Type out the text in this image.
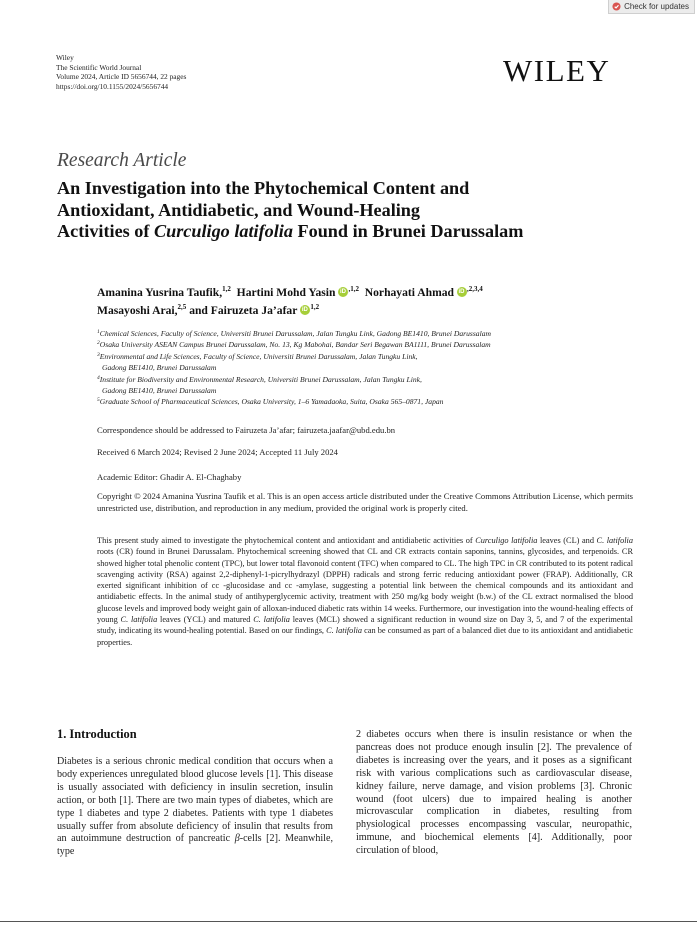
Check for updates
Wiley
The Scientific World Journal
Volume 2024, Article ID 5656744, 22 pages
https://doi.org/10.1155/2024/5656744	WILEY
Research Article
An Investigation into the Phytochemical Content and
Antioxidant, Antidiabetic, and Wound-Healing
Activities of Curculigo latifolia Found in Brunei Darussalam
Amanina Yusrina Taufik,$^{1,2}$ Hartini Mohd Yasin iD $^{,1,2}$ Norhayati Ahmad iD $^{,2,3,4}$
Masayoshi Arai,$^{2,5}$ and Fairuzeta Ja’afar iD $^{1,2}$
$^1$Chemical Sciences, Faculty of Science, Universiti Brunei Darussalam, Jalan Tungku Link, Gadong BE1410, Brunei Darussalam
$^2$Osaka University ASEAN Campus Brunei Darussalam, No. 13, Kg Mabohai, Bandar Seri Begawan BA1111, Brunei Darussalam
$^3$Environmental and Life Sciences, Faculty of Science, Universiti Brunei Darussalam, Jalan Tungku Link,
Gadong BE1410, Brunei Darussalam
$^4$Institute for Biodiversity and Environmental Research, Universiti Brunei Darussalam, Jalan Tungku Link,
Gadong BE1410, Brunei Darussalam
$^5$Graduate School of Pharmaceutical Sciences, Osaka University, 1–6 Yamadaoka, Suita, Osaka 565–0871, Japan
Correspondence should be addressed to Fairuzeta Ja’afar; fairuzeta.jaafar@ubd.edu.bn
Received 6 March 2024; Revised 2 June 2024; Accepted 11 July 2024
Academic Editor: Ghadir A. El-Chaghaby
Copyright © 2024 Amanina Yusrina Taufik et al. This is an open access article distributed under the Creative Commons Attribution License, which permits unrestricted use, distribution, and reproduction in any medium, provided the original work is properly cited.
This present study aimed to investigate the phytochemical content and antioxidant and antidiabetic activities of Curculigo latifolia leaves (CL) and C. latifolia roots (CR) found in Brunei Darussalam. Phytochemical screening showed that CL and CR extracts contain saponins, tannins, glycosides, and terpenoids. CR showed higher total phenolic content (TPC), but lower total flavonoid content (TFC) when compared to CL. The high TPC in CR contributed to its potent radical scavenging activity (RSA) against 2,2-diphenyl-1-picrylhydrazyl (DPPH) radicals and strong ferric reducing antioxidant power (FRAP). Additionally, CR exerted significant inhibition of cc -glucosidase and cc -amylase, suggesting a potential link between the chemical compounds and its antioxidant and antidiabetic effects. In the animal study of antihyperglycemic activity, treatment with 250 mg/kg body weight (b.w.) of the CL extract normalised the blood glucose levels and improved body weight gain of alloxan-induced diabetic rats within 14 weeks. Furthermore, our investigation into the wound-healing effects of young C. latifolia leaves (YCL) and matured C. latifolia leaves (MCL) showed a significant reduction in wound size on Day 3, 5, and 7 of the experimental study, indicating its wound-healing potential. Based on our findings, C. latifolia can be consumed as part of a balanced diet due to its antioxidant and antidiabetic properties.
1. Introduction
Diabetes is a serious chronic medical condition that occurs when a body experiences unregulated blood glucose levels [1]. This disease is usually associated with deficiency in insulin secretion, insulin action, or both [1]. There are two main types of diabetes, which are type 1 diabetes and type 2 diabetes. Patients with type 1 diabetes usually suffer from absolute deficiency of insulin that results from an autoimmune destruction of pancreatic β-cells [2]. Meanwhile, type
2 diabetes occurs when there is insulin resistance or when the pancreas does not produce enough insulin [2]. The prevalence of diabetes is increasing over the years, and it poses as a significant risk with various complications such as cardiovascular disease, kidney failure, nerve damage, and vision problems [3]. Chronic wound (foot ulcers) due to impaired healing is another microvascular complication in diabetes, resulting from physiological processes encompassing vascular, neuropathic, immune, and biochemical elements [4]. Additionally, poor circulation of blood,
